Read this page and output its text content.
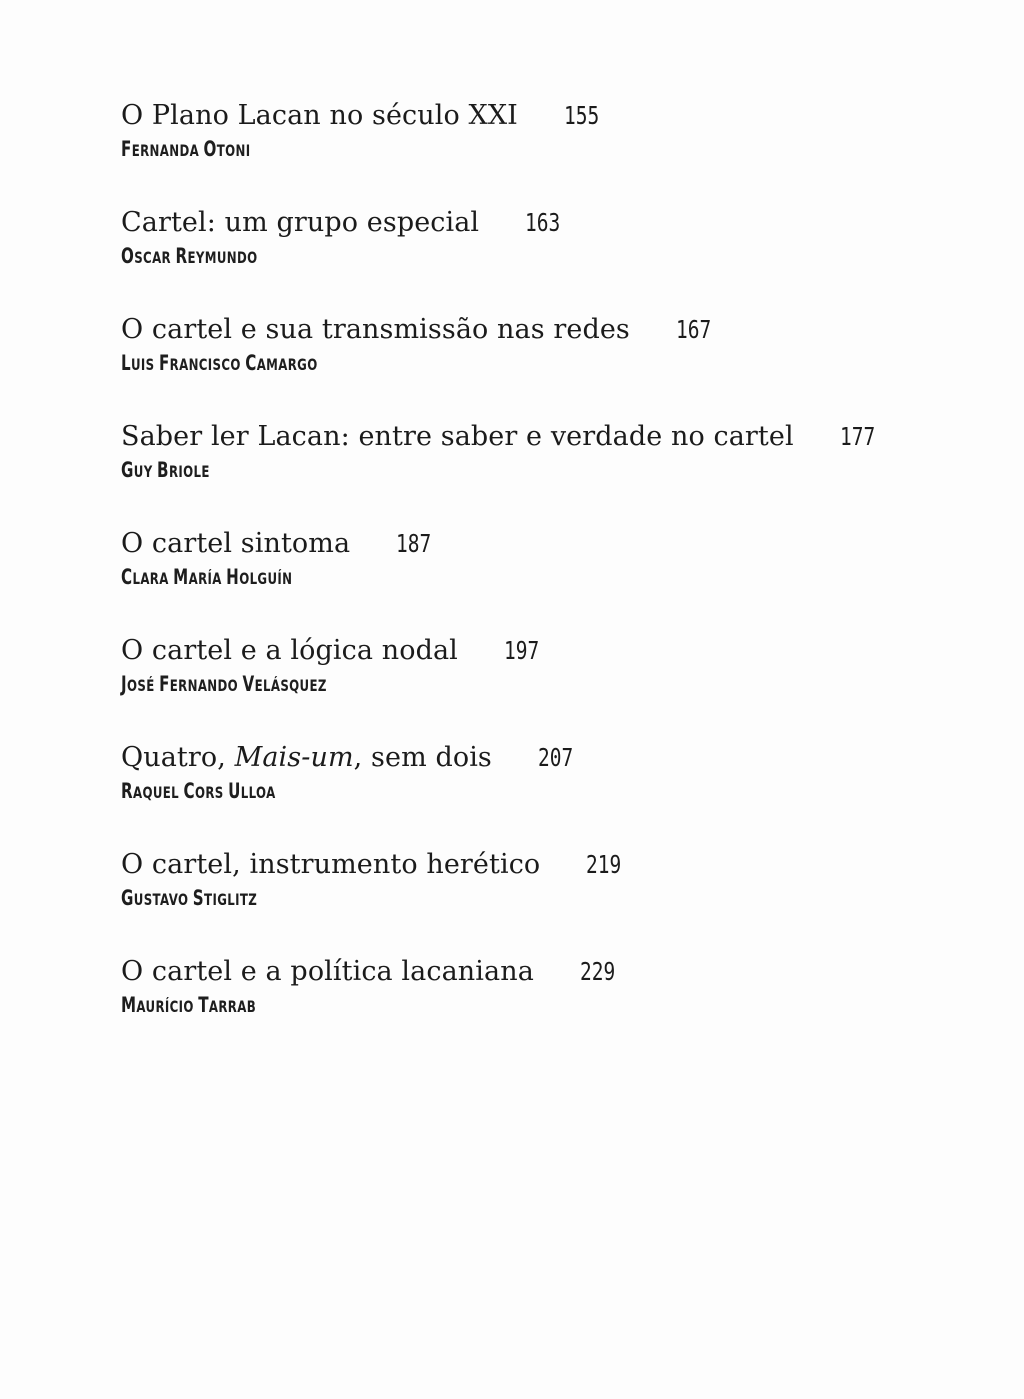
O Plano Lacan no século XXI 155
FERNANDA OTONI
Cartel: um grupo especial 163
OSCAR REYMUNDO
O cartel e sua transmissão nas redes 167
LUIS FRANCISCO CAMARGO
Saber ler Lacan: entre saber e verdade no cartel 177
GUY BRIOLE
O cartel sintoma 187
CLARA MARÍA HOLGUÍN
O cartel e a lógica nodal 197
JOSÉ FERNANDO VELÁSQUEZ
Quatro, Mais-um, sem dois 207
RAQUEL CORS ULLOA
O cartel, instrumento herético 219
GUSTAVO STIGLITZ
O cartel e a política lacaniana 229
MAURÍCIO TARRAB
